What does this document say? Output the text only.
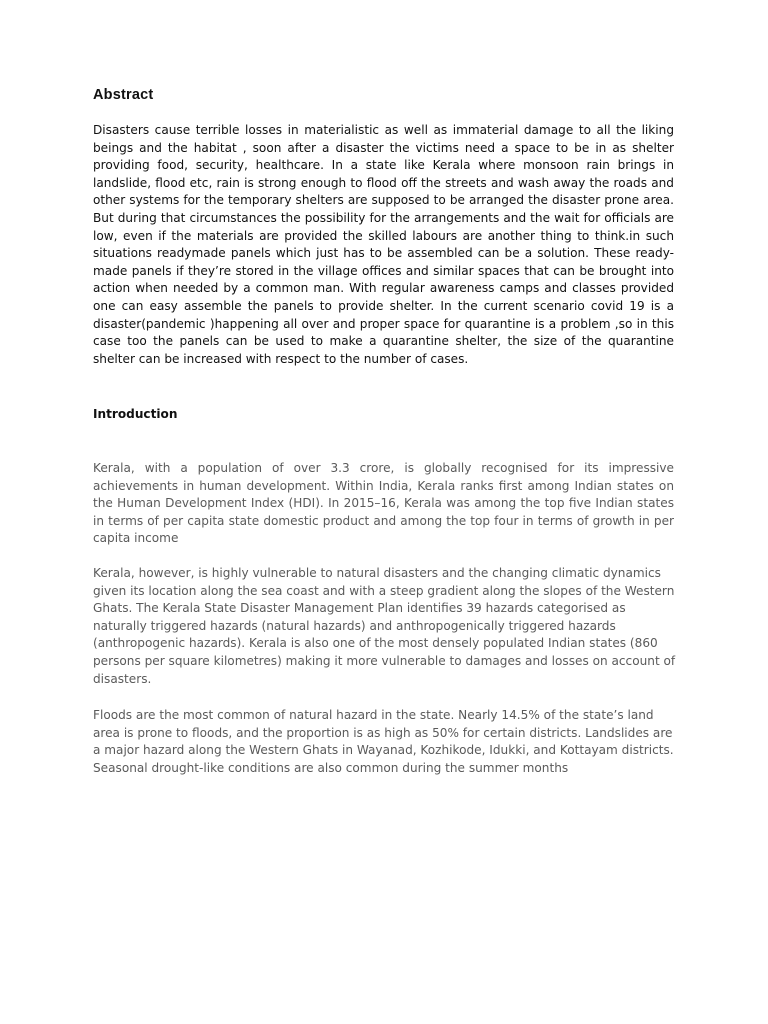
Abstract

Disasters cause terrible losses in materialistic as well as immaterial damage to all the liking beings and the habitat , soon after a disaster the victims need a space to be in as shelter providing food, security, healthcare. In a state like Kerala where monsoon rain brings in landslide, flood etc, rain is strong enough to flood off the streets and wash away the roads and other systems for the temporary shelters are supposed to be arranged the disaster prone area. But during that circumstances the possibility for the arrangements and the wait for officials are low, even if the materials are provided the skilled labours are another thing to think.in such situations readymade panels which just has to be assembled can be a solution. These ready-made panels if they’re stored in the village offices and similar spaces that can be brought into action when needed by a common man. With regular awareness camps and classes provided one can easy assemble the panels to provide shelter. In the current scenario covid 19 is a disaster(pandemic )happening all over and proper space for quarantine is a problem ,so in this case too the panels can be used to make a quarantine shelter, the size of the quarantine shelter can be increased with respect to the number of cases.

Introduction

Kerala, with a population of over 3.3 crore, is globally recognised for its impressive achievements in human development. Within India, Kerala ranks first among Indian states on the Human Development Index (HDI). In 2015–16, Kerala was among the top five Indian states in terms of per capita state domestic product and among the top four in terms of growth in per capita income

Kerala, however, is highly vulnerable to natural disasters and the changing climatic dynamics given its location along the sea coast and with a steep gradient along the slopes of the Western Ghats. The Kerala State Disaster Management Plan identifies 39 hazards categorised as naturally triggered hazards (natural hazards) and anthropogenically triggered hazards (anthropogenic hazards). Kerala is also one of the most densely populated Indian states (860 persons per square kilometres) making it more vulnerable to damages and losses on account of disasters.

Floods are the most common of natural hazard in the state. Nearly 14.5% of the state’s land area is prone to floods, and the proportion is as high as 50% for certain districts. Landslides are a major hazard along the Western Ghats in Wayanad, Kozhikode, Idukki, and Kottayam districts. Seasonal drought-like conditions are also common during the summer months
